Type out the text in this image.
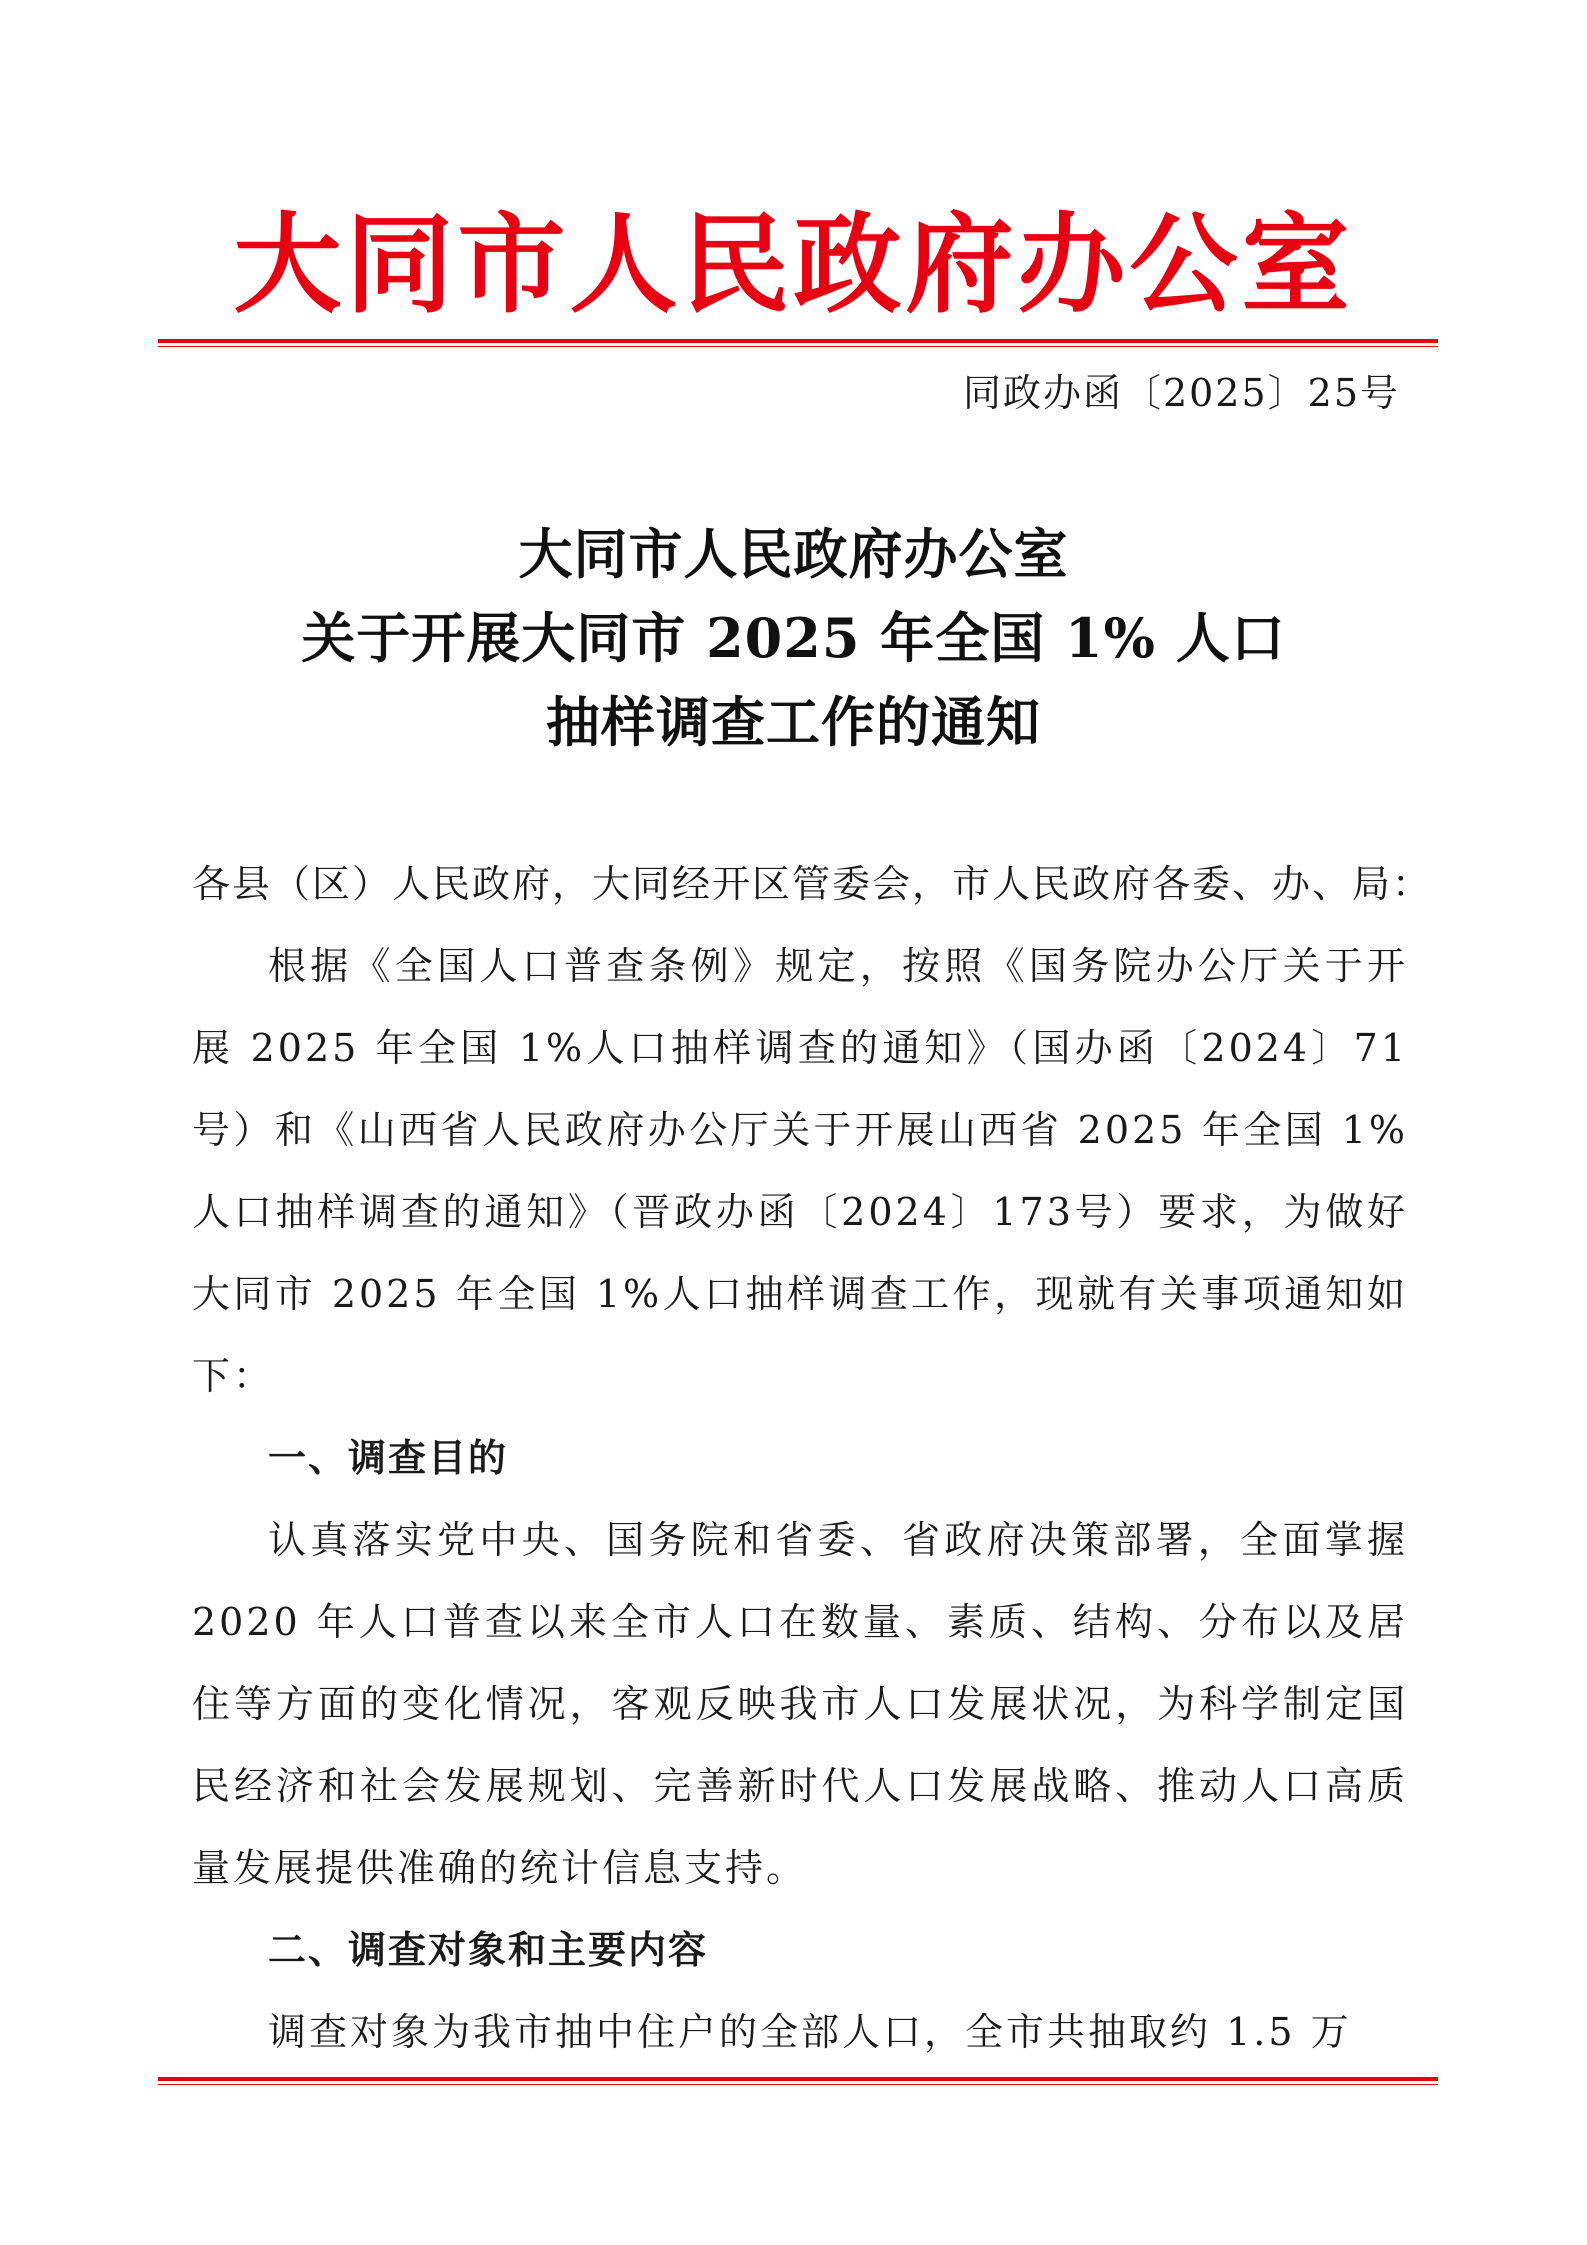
大同市人民政府办公室
同政办函〔2025〕25号
大同市人民政府办公室
关于开展大同市 2025 年全国 1% 人口
抽样调查工作的通知

各县（区）人民政府，大同经开区管委会，市人民政府各委、办、局：

根据《全国人口普查条例》规定，按照《国务院办公厅关于开展 2025 年全国 1%人口抽样调查的通知》（国办函〔2024〕71号）和《山西省人民政府办公厅关于开展山西省 2025 年全国 1%人口抽样调查的通知》（晋政办函〔2024〕173号）要求，为做好大同市 2025 年全国 1%人口抽样调查工作，现就有关事项通知如下：

一、调查目的

认真落实党中央、国务院和省委、省政府决策部署，全面掌握 2020 年人口普查以来全市人口在数量、素质、结构、分布以及居住等方面的变化情况，客观反映我市人口发展状况，为科学制定国民经济和社会发展规划、完善新时代人口发展战略、推动人口高质量发展提供准确的统计信息支持。

二、调查对象和主要内容

调查对象为我市抽中住户的全部人口，全市共抽取约 1.5 万
